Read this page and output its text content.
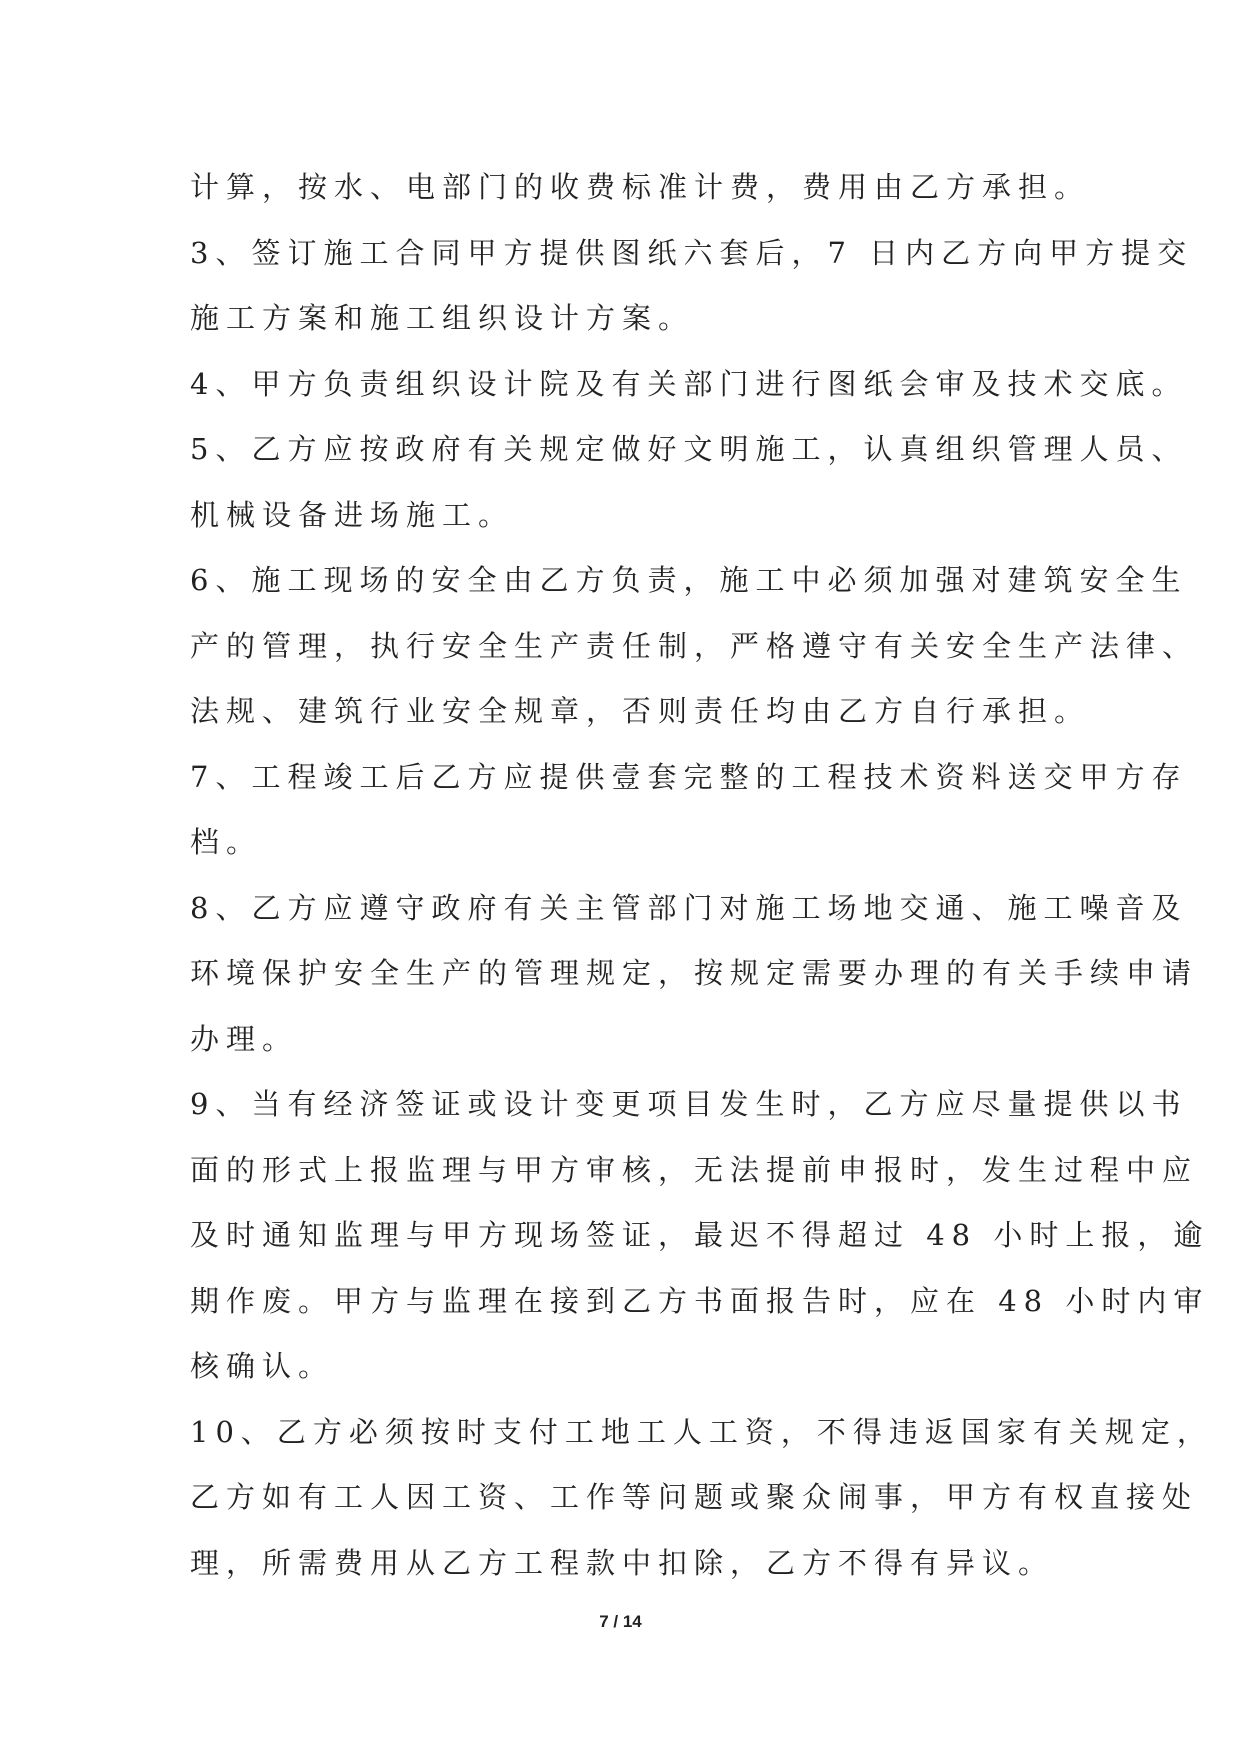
计算，按水、电部门的收费标准计费，费用由乙方承担。
3、签订施工合同甲方提供图纸六套后，7 日内乙方向甲方提交
施工方案和施工组织设计方案。
4、甲方负责组织设计院及有关部门进行图纸会审及技术交底。
5、乙方应按政府有关规定做好文明施工，认真组织管理人员、
机械设备进场施工。
6、施工现场的安全由乙方负责，施工中必须加强对建筑安全生
产的管理，执行安全生产责任制，严格遵守有关安全生产法律、
法规、建筑行业安全规章，否则责任均由乙方自行承担。
7、工程竣工后乙方应提供壹套完整的工程技术资料送交甲方存
档。
8、乙方应遵守政府有关主管部门对施工场地交通、施工噪音及
环境保护安全生产的管理规定，按规定需要办理的有关手续申请
办理。
9、当有经济签证或设计变更项目发生时，乙方应尽量提供以书
面的形式上报监理与甲方审核，无法提前申报时，发生过程中应
及时通知监理与甲方现场签证，最迟不得超过 48 小时上报，逾
期作废。甲方与监理在接到乙方书面报告时，应在 48 小时内审
核确认。
10、乙方必须按时支付工地工人工资，不得违返国家有关规定，
乙方如有工人因工资、工作等问题或聚众闹事，甲方有权直接处
理，所需费用从乙方工程款中扣除，乙方不得有异议。
7 / 14
